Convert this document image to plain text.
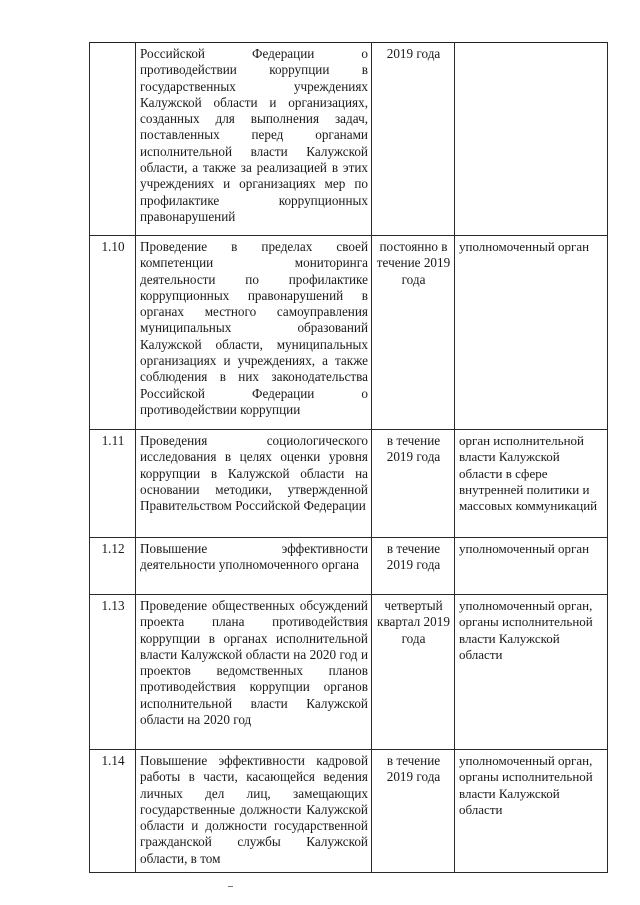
	Российской Федерации о противодействии коррупции в государственных учреждениях Калужской области и организациях, созданных для выполнения задач, поставленных перед органами исполнительной власти Калужской области, а также за реализацией в этих учреждениях и организациях мер по профилактике коррупционных правонарушений	2019 года	

1.10	Проведение в пределах своей компетенции мониторинга деятельности по профилактике коррупционных правонарушений в органах местного самоуправления муниципальных образований Калужской области, муниципальных организациях и учреждениях, а также соблюдения в них законодательства Российской Федерации о противодействии коррупции	постоянно в течение 2019 года	уполномоченный орган

1.11	Проведения социологического исследования в целях оценки уровня коррупции в Калужской области на основании методики, утвержденной Правительством Российской Федерации	в течение 2019 года	орган исполнительной власти Калужской области в сфере внутренней политики и массовых коммуникаций

1.12	Повышение эффективности деятельности уполномоченного органа	в течение 2019 года	уполномоченный орган

1.13	Проведение общественных обсуждений проекта плана противодействия коррупции в органах исполнительной власти Калужской области на 2020 год и проектов ведомственных планов противодействия коррупции органов исполнительной власти Калужской области на 2020 год	четвертый квартал 2019 года	уполномоченный орган, органы исполнительной власти Калужской области

1.14	Повышение эффективности кадровой работы в части, касающейся ведения личных дел лиц, замещающих государственные должности Калужской области и должности государственной гражданской службы Калужской области, в том	в течение 2019 года	уполномоченный орган, органы исполнительной власти Калужской области
